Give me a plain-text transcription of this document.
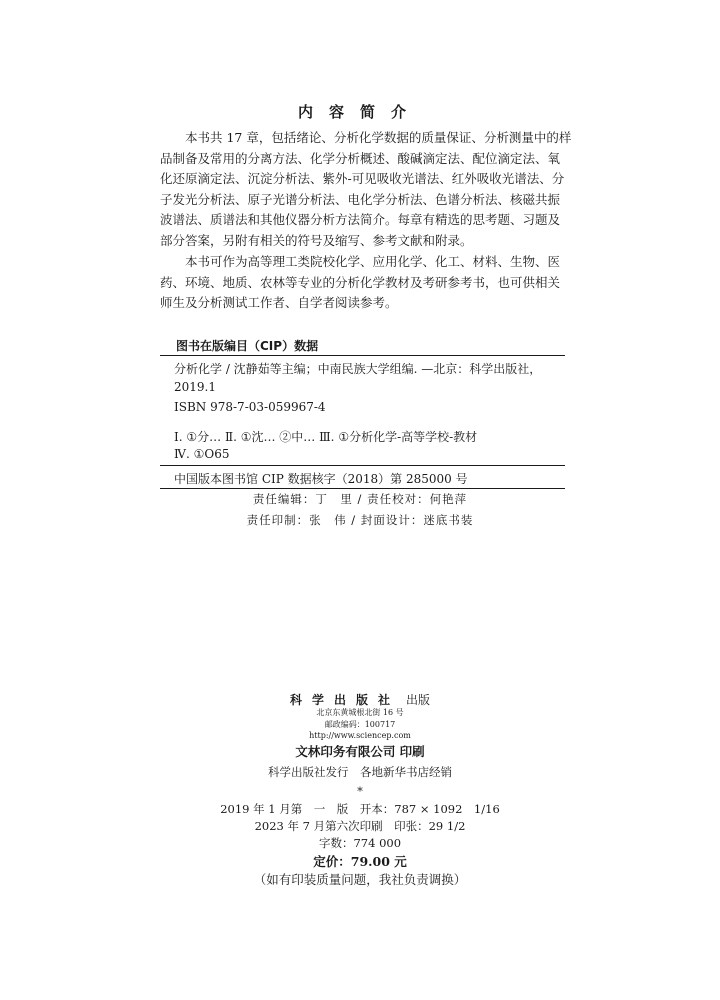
内容简介

本书共 17 章，包括绪论、分析化学数据的质量保证、分析测量中的样
品制备及常用的分离方法、化学分析概述、酸碱滴定法、配位滴定法、氧
化还原滴定法、沉淀分析法、紫外-可见吸收光谱法、红外吸收光谱法、分
子发光分析法、原子光谱分析法、电化学分析法、色谱分析法、核磁共振
波谱法、质谱法和其他仪器分析方法简介。每章有精选的思考题、习题及
部分答案，另附有相关的符号及缩写、参考文献和附录。

本书可作为高等理工类院校化学、应用化学、化工、材料、生物、医
药、环境、地质、农林等专业的分析化学教材及考研参考书，也可供相关
师生及分析测试工作者、自学者阅读参考。

图书在版编目（CIP）数据
分析化学 / 沈静茹等主编；中南民族大学组编. —北京：科学出版社，
2019.1
ISBN 978-7-03-059967-4
Ⅰ. ①分… Ⅱ. ①沈… ②中… Ⅲ. ①分析化学-高等学校-教材
Ⅳ. ①O65
中国版本图书馆 CIP 数据核字（2018）第 285000 号
责任编辑：丁　里 / 责任校对：何艳萍
责任印制：张　伟 / 封面设计：迷底书装
科学出版社 出版
北京东黄城根北街 16 号
邮政编码：100717
http://www.sciencep.com
文林印务有限公司 印刷
科学出版社发行　各地新华书店经销
*
2019 年 1 月第　一　版　开本：787 × 1092　1/16
2023 年 7 月第六次印刷　印张：29 1/2
字数：774 000
定价：79.00 元
（如有印装质量问题，我社负责调换）
